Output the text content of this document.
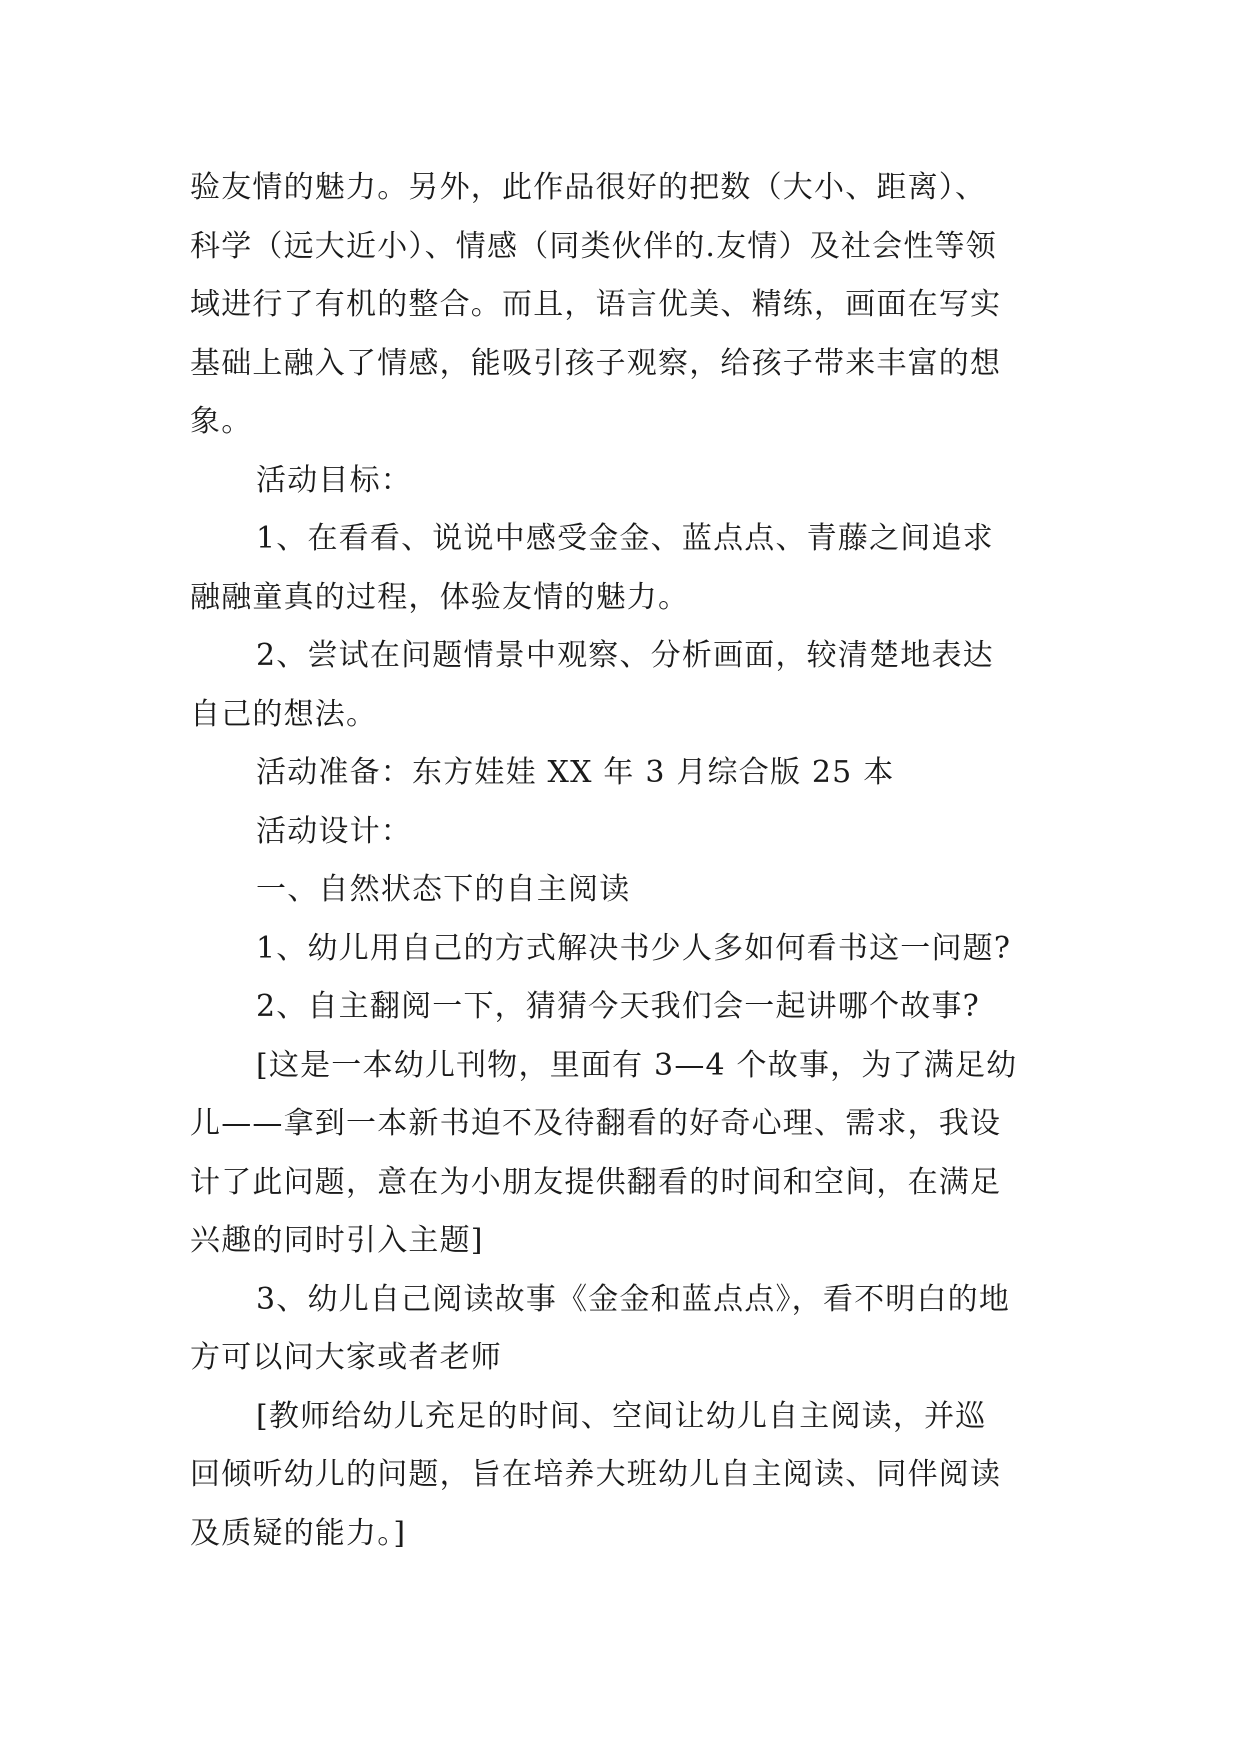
验友情的魅力。另外，此作品很好的把数（大小、距离）、
科学（远大近小）、情感（同类伙伴的.友情）及社会性等领
域进行了有机的整合。而且，语言优美、精练，画面在写实
基础上融入了情感，能吸引孩子观察，给孩子带来丰富的想
象。
活动目标：
1、在看看、说说中感受金金、蓝点点、青藤之间追求
融融童真的过程，体验友情的魅力。
2、尝试在问题情景中观察、分析画面，较清楚地表达
自己的想法。
活动准备：东方娃娃 XX 年 3 月综合版 25 本
活动设计：
一、自然状态下的自主阅读
1、幼儿用自己的方式解决书少人多如何看书这一问题?
2、自主翻阅一下，猜猜今天我们会一起讲哪个故事?
[这是一本幼儿刊物，里面有 3—4 个故事，为了满足幼
儿——拿到一本新书迫不及待翻看的好奇心理、需求，我设
计了此问题，意在为小朋友提供翻看的时间和空间，在满足
兴趣的同时引入主题]
3、幼儿自己阅读故事《金金和蓝点点》，看不明白的地
方可以问大家或者老师
[教师给幼儿充足的时间、空间让幼儿自主阅读，并巡
回倾听幼儿的问题，旨在培养大班幼儿自主阅读、同伴阅读
及质疑的能力。]
